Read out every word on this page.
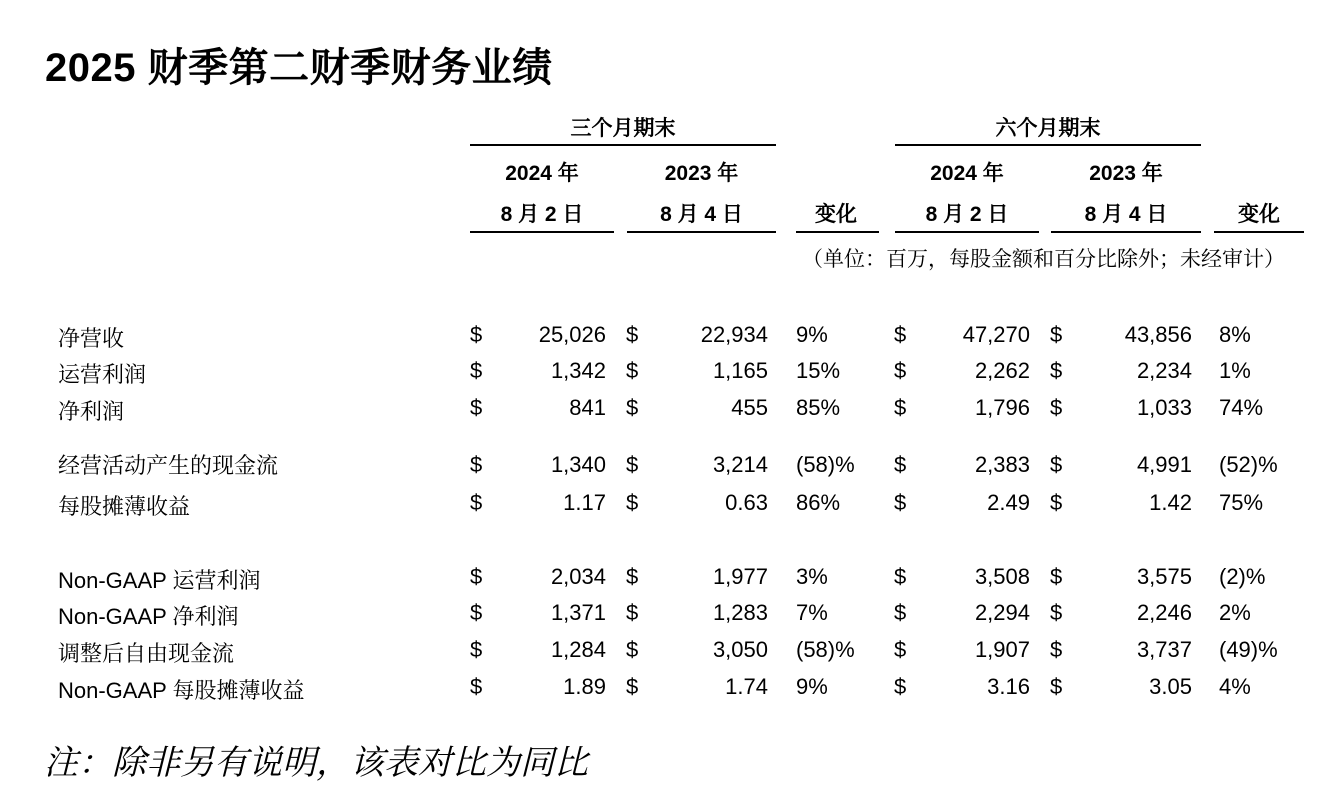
2025 财季第二财季财务业绩
三个月期末	六个月期末
2024 年
8 月 2 日
2023 年
8 月 4 日	变化
2024 年
8 月 2 日
2023 年
8 月 4 日	变化
（单位：百万，每股金额和百分比除外；未经审计）
净营收	$	25,026 $	22,934 9%	$	47,270 $	43,856 8%
运营利润	$	1,342 $	1,165 15% $	2,262 $	2,234 1%
净利润	$	841 $	455 85% $	1,796 $	1,033 74%
经营活动产生的现金流	$	1,340 $	3,214 (58)% $	2,383 $	4,991 (52)%
每股摊薄收益	$	1.17 $	0.63 86% $	2.49 $	1.42 75%
Non-GAAP 运营利润	$	2,034 $	1,977 3%	$	3,508 $	3,575 (2)%
Non-GAAP 净利润	$	1,371 $	1,283 7%	$	2,294 $	2,246 2%
调整后自由现金流	$	1,284 $	3,050 (58)% $	1,907 $	3,737 (49)%
Non-GAAP 每股摊薄收益	$	1.89 $	1.74 9%	$	3.16 $	3.05 4%
注：除非另有说明，该表对比为同比
